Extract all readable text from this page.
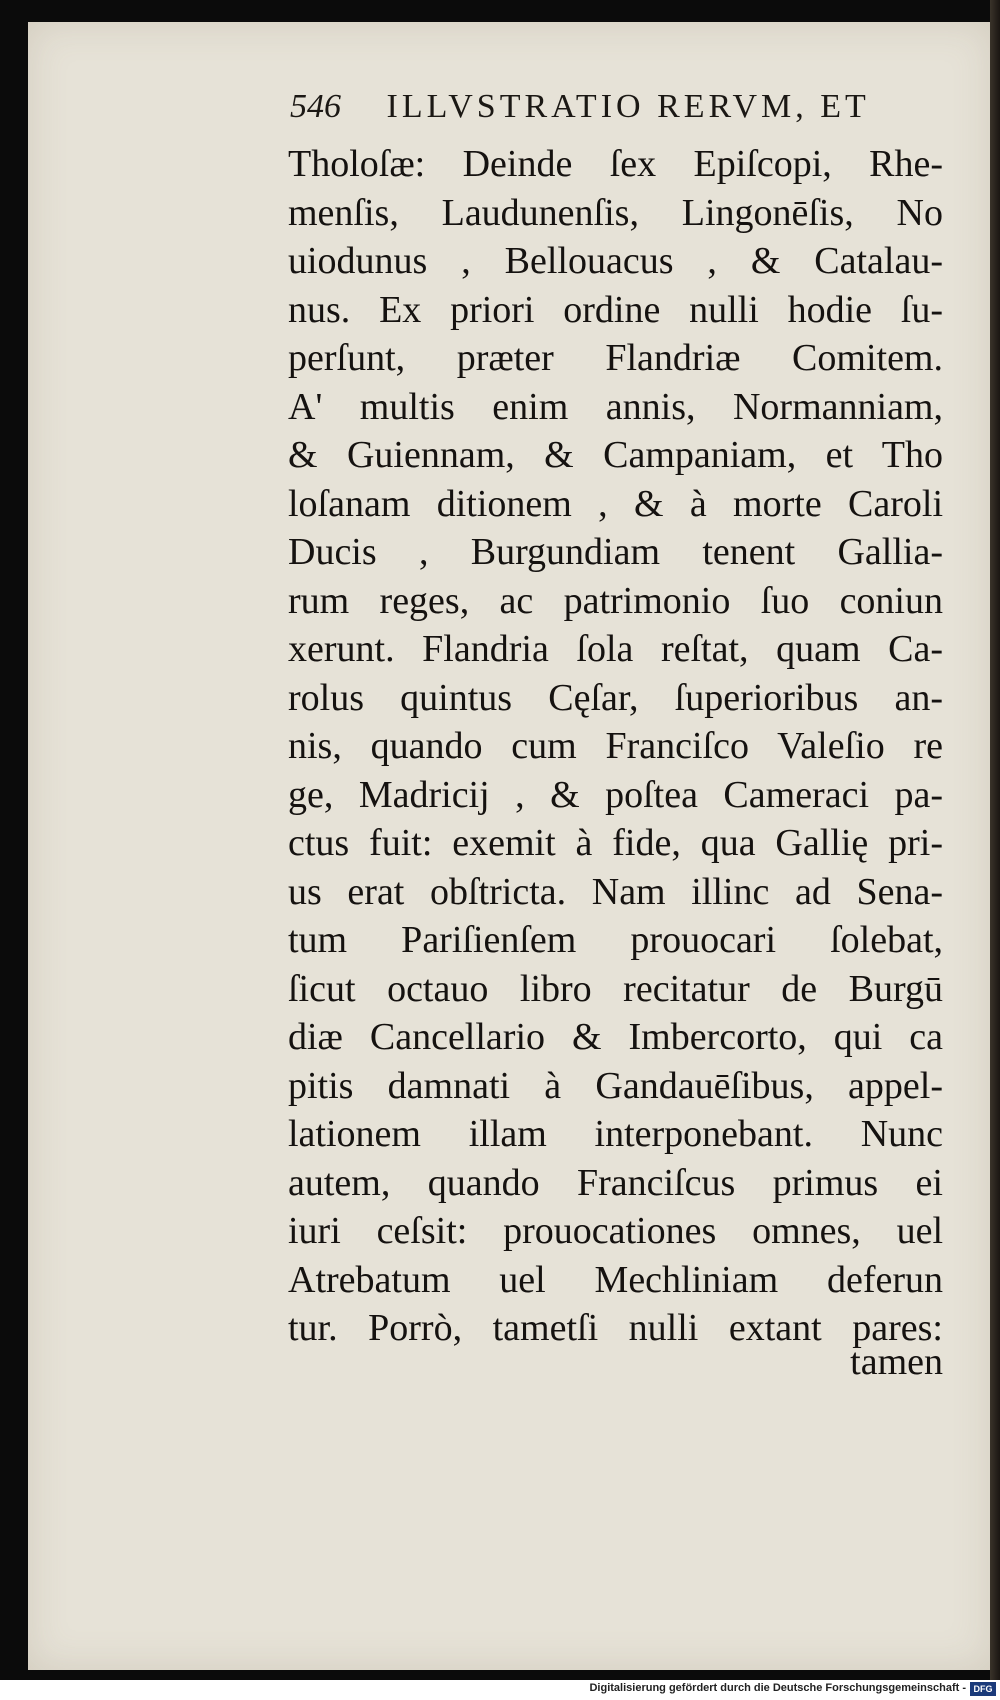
546 ILLVSTRATIO RERVM, ET
Tholoſæ: Deinde ſex Epiſcopi, Rhe-
menſis, Laudunenſis, Lingonēſis, No
uiodunus , Bellouacus , & Catalau-
nus. Ex priori ordine nulli hodie ſu-
perſunt, præter Flandriæ Comitem.
A' multis enim annis, Normanniam,
& Guiennam, & Campaniam, et Tho
loſanam ditionem , & à morte Caroli
Ducis , Burgundiam tenent Gallia-
rum reges, ac patrimonio ſuo coniun
xerunt. Flandria ſola reſtat, quam Ca-
rolus quintus Cęſar, ſuperioribus an-
nis, quando cum Franciſco Valeſio re
ge, Madricij , & poſtea Cameraci pa-
ctus fuit: exemit à fide, qua Gallię pri-
us erat obſtricta. Nam illinc ad Sena-
tum Pariſienſem prouocari ſolebat,
ſicut octauo libro recitatur de Burgū
diæ Cancellario & Imbercorto, qui ca
pitis damnati à Gandauēſibus, appel-
lationem illam interponebant. Nunc
autem, quando Franciſcus primus ei
iuri ceſsit: prouocationes omnes, uel
Atrebatum uel Mechliniam deferun
tur. Porrò, tametſi nulli extant pares:
tamen
Digitalisierung gefördert durch die Deutsche Forschungsgemeinschaft - DFG
